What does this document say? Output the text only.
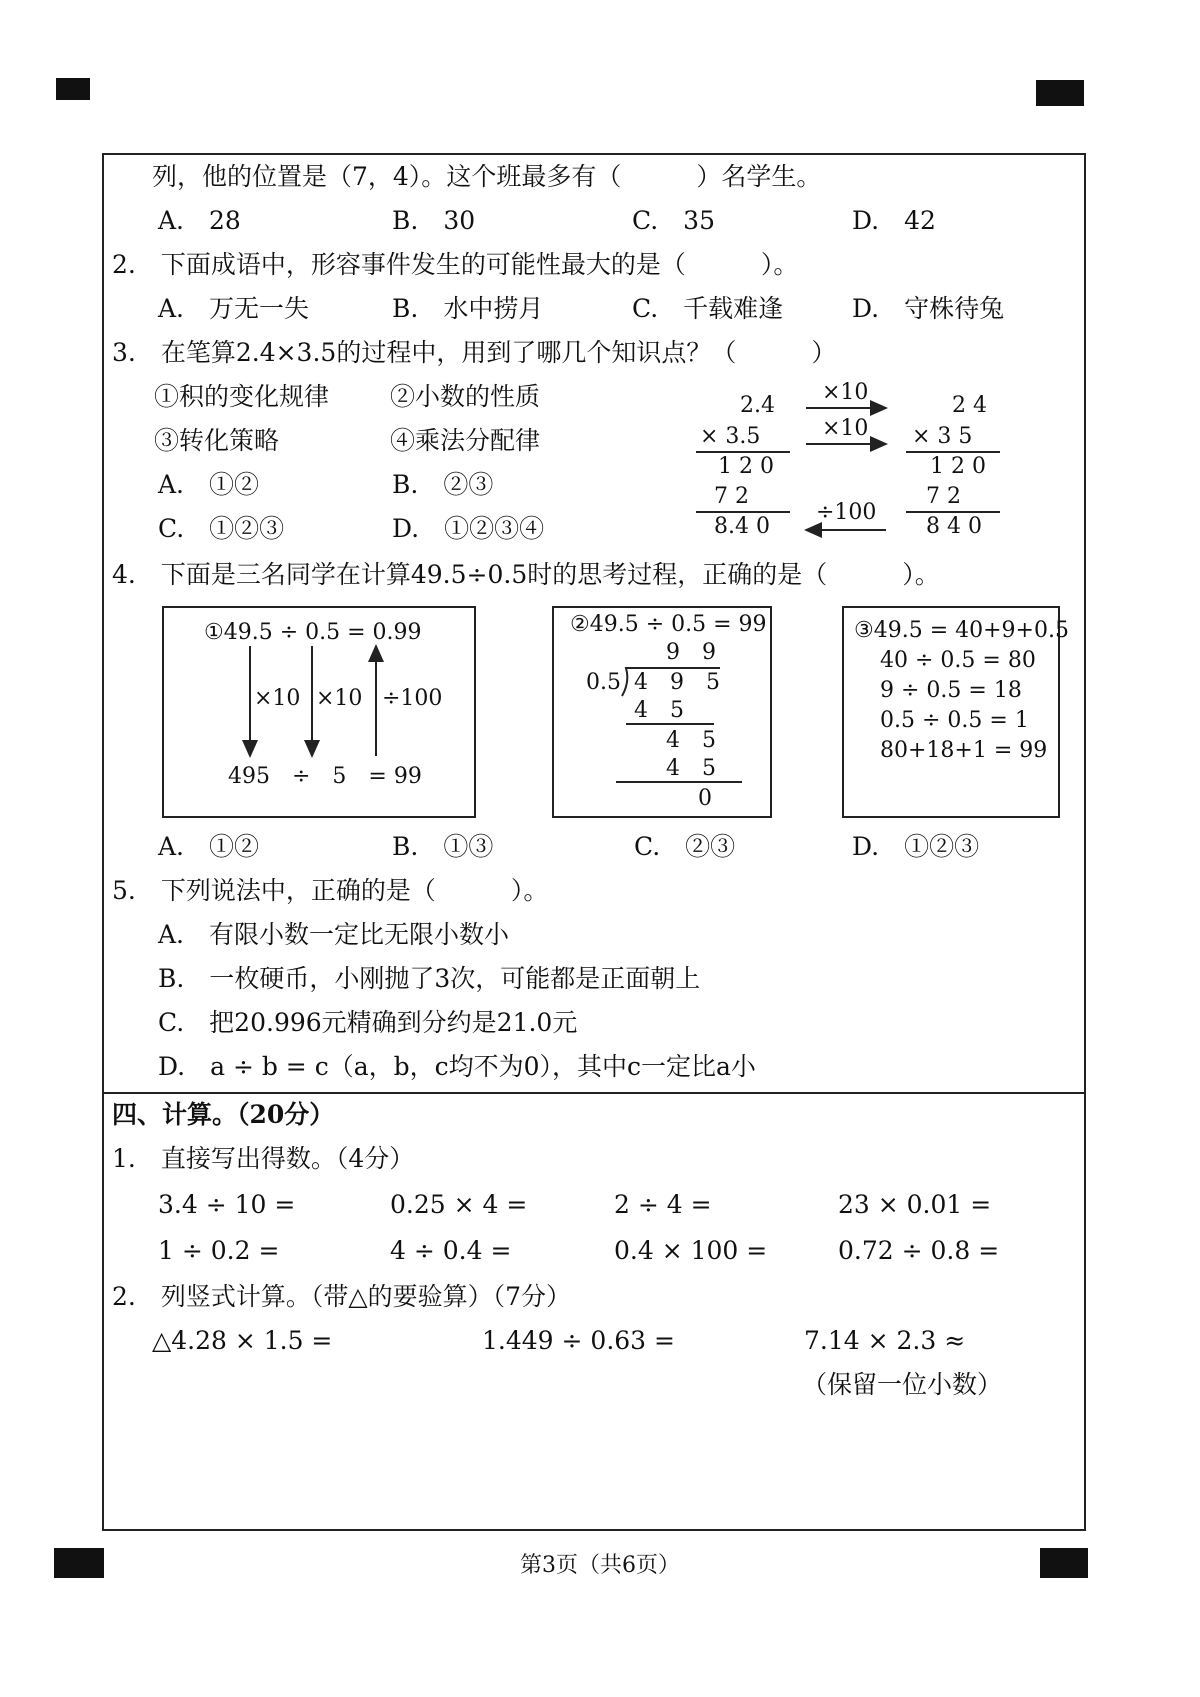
列，他的位置是（7，4）。这个班最多有（　　　）名学生。
A.　28	B.　30	C.　35	D.　42
2.　下面成语中，形容事件发生的可能性最大的是（　　　）。
A.　万无一失	B.　水中捞月	C.　千载难逢	D.　守株待兔
3.　在笔算2.4×3.5的过程中，用到了哪几个知识点？（　　　）
①积的变化规律 ②小数的性质
③转化策略	④乘法分配律
A.　①②	B.　②③
C.　①②③	D.　①②③④
2.4
× 3.5
1 2 0
7 2
8.4 0
×10
×10
÷100
2 4
× 3 5
1 2 0
7 2
8 4 0
4.　下面是三名同学在计算49.5÷0.5时的思考过程，正确的是（　　　）。
①49.5 ÷ 0.5 = 0.99
×10 ×10 ÷100
495　÷　5　= 99
②49.5 ÷ 0.5 = 99
9　9
0.5 4　9　5
4　5
4　5
4　5
0
③49.5 = 40+9+0.5
40 ÷ 0.5 = 80
9 ÷ 0.5 = 18
0.5 ÷ 0.5 = 1
80+18+1 = 99
A.　①②	B.　①③	C.　②③	D.　①②③
5.　下列说法中，正确的是（　　　）。
A.　有限小数一定比无限小数小
B.　一枚硬币，小刚抛了3次，可能都是正面朝上
C.　把20.996元精确到分约是21.0元
D.　a ÷ b = c（a，b，c均不为0），其中c一定比a小
四、计算。（20分）
1.　直接写出得数。（4分）
3.4 ÷ 10 =	0.25 × 4 =	2 ÷ 4 =	23 × 0.01 =
1 ÷ 0.2 =	4 ÷ 0.4 =	0.4 × 100 =	0.72 ÷ 0.8 =
2.　列竖式计算。（带△的要验算）（7分）
△4.28 × 1.5 =	1.449 ÷ 0.63 =	7.14 × 2.3 ≈
（保留一位小数）
第3页（共6页）
